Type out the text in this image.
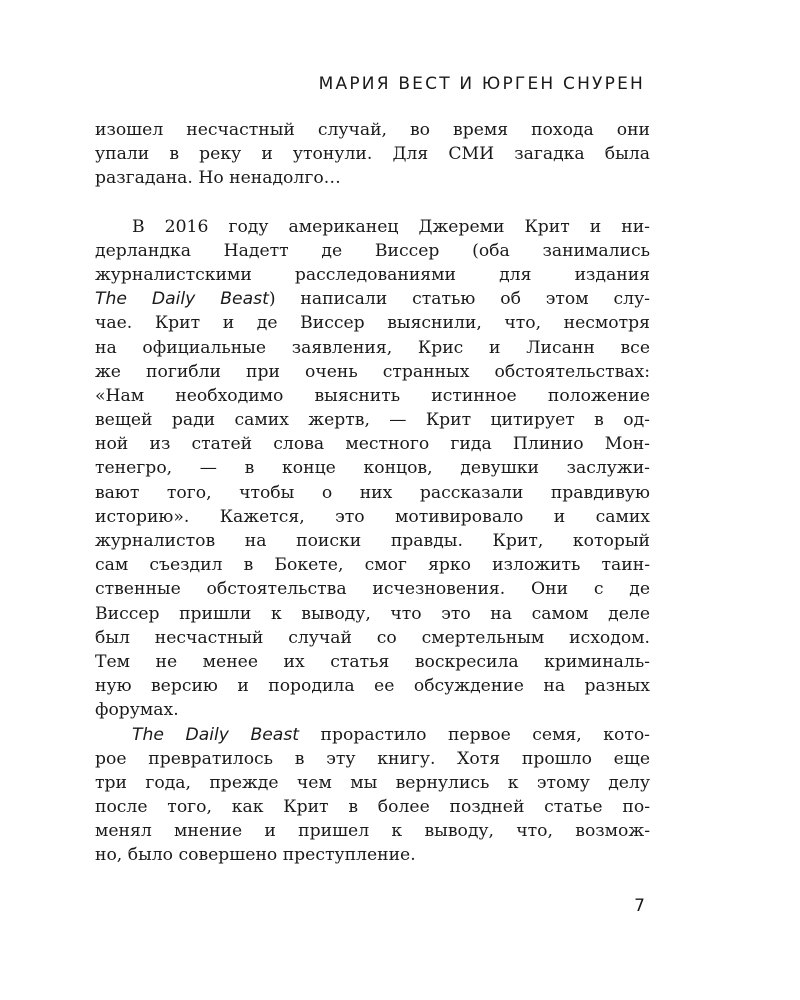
МАРИЯ ВЕСТ И ЮРГЕН СНУРЕН
изошел несчастный случай, во время похода они
упали в реку и утонули. Для СМИ загадка была
разгадана. Но ненадолго…
В 2016 году американец Джереми Крит и ни-
дерландка Надетт де Виссер (оба занимались
журналистскими расследованиями для издания
The Daily Beast) написали статью об этом слу-
чае. Крит и де Виссер выяснили, что, несмотря
на официальные заявления, Крис и Лисанн все
же погибли при очень странных обстоятельствах:
«Нам необходимо выяснить истинное положение
вещей ради самих жертв, — Крит цитирует в од-
ной из статей слова местного гида Плинио Мон-
тенегро, — в конце концов, девушки заслужи-
вают того, чтобы о них рассказали правдивую
историю». Кажется, это мотивировало и самих
журналистов на поиски правды. Крит, который
сам съездил в Бокете, смог ярко изложить таин-
ственные обстоятельства исчезновения. Они с де
Виссер пришли к выводу, что это на самом деле
был несчастный случай со смертельным исходом.
Тем не менее их статья воскресила криминаль-
ную версию и породила ее обсуждение на разных
форумах.
The Daily Beast прорастило первое семя, кото-
рое превратилось в эту книгу. Хотя прошло еще
три года, прежде чем мы вернулись к этому делу
после того, как Крит в более поздней статье по-
менял мнение и пришел к выводу, что, возмож-
но, было совершено преступление.
7
